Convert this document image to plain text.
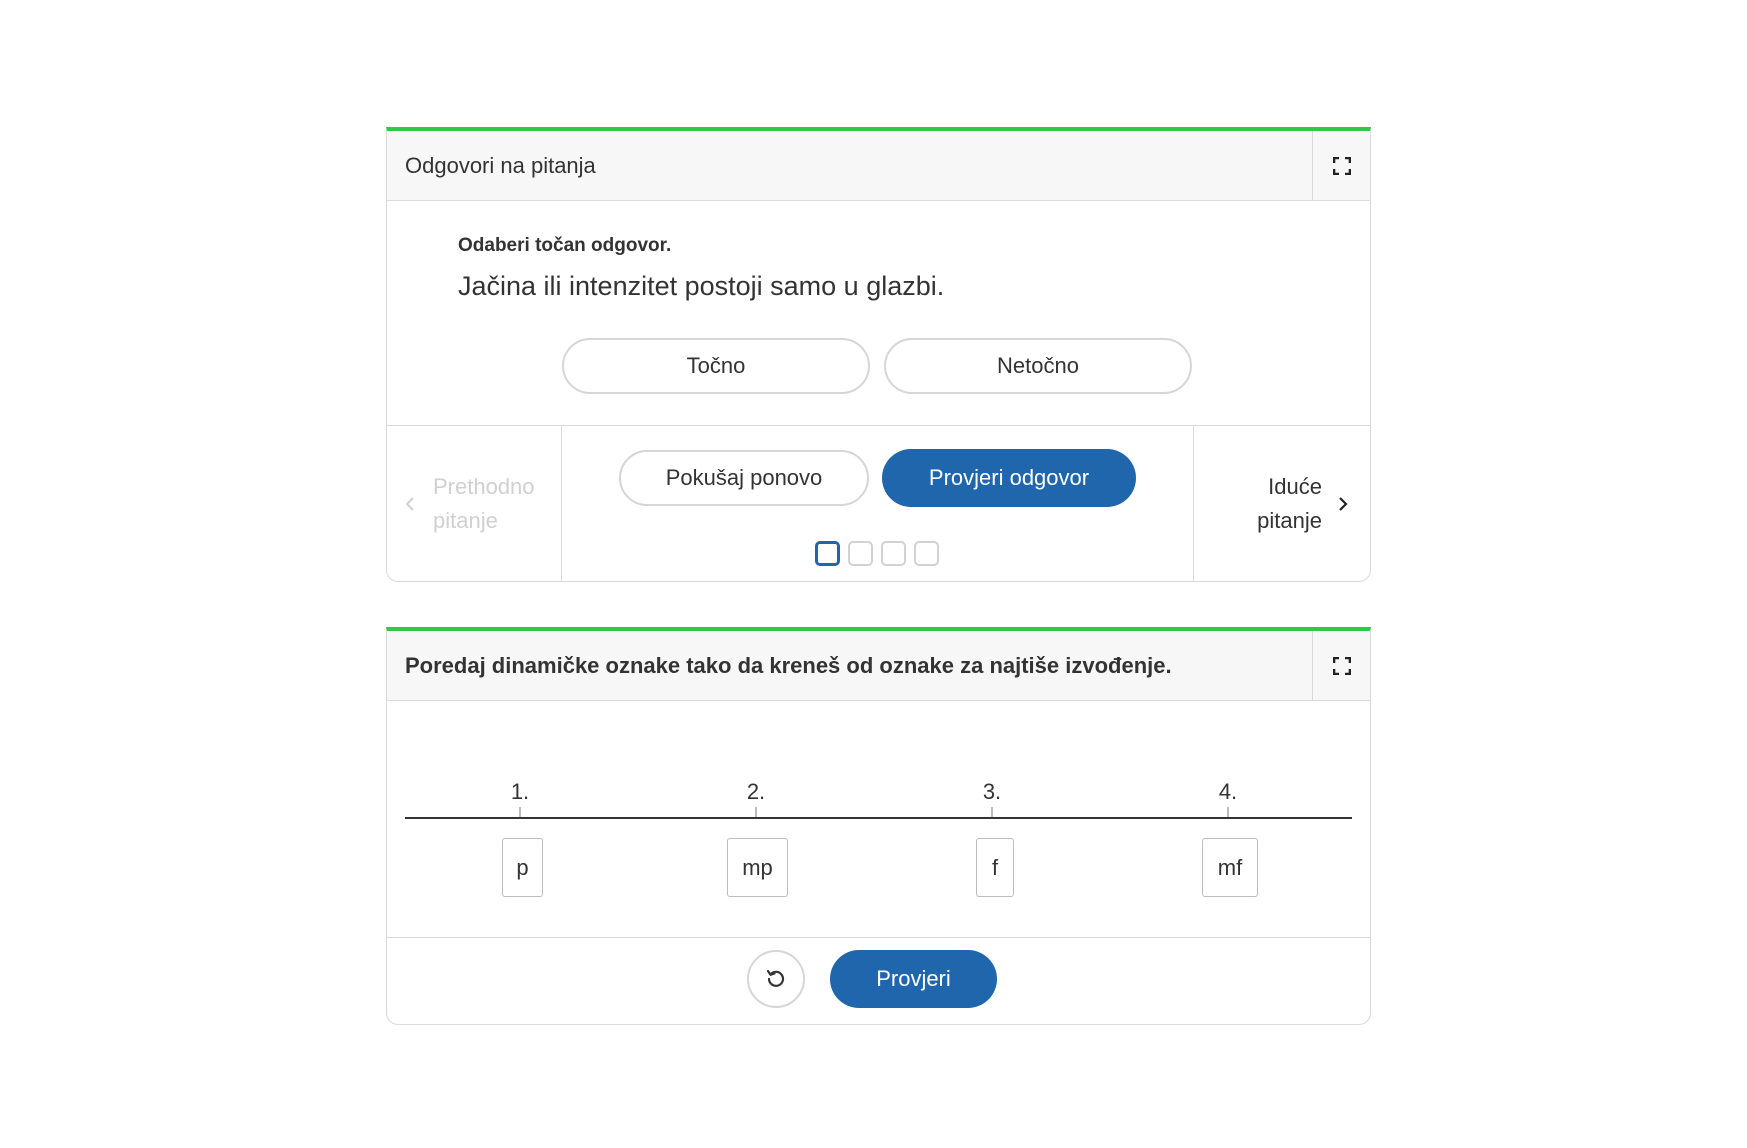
Odgovori na pitanja
Odaberi točan odgovor.
Jačina ili intenzitet postoji samo u glazbi.
Točno	Netočno
Prethodno
pitanje
Pokušaj ponovo	Provjeri odgovor	Iduće
pitanje
Poredaj dinamičke oznake tako da kreneš od oznake za najtiše izvođenje.
1.	2.	3.	4.
p	mp	f	mf
Provjeri
